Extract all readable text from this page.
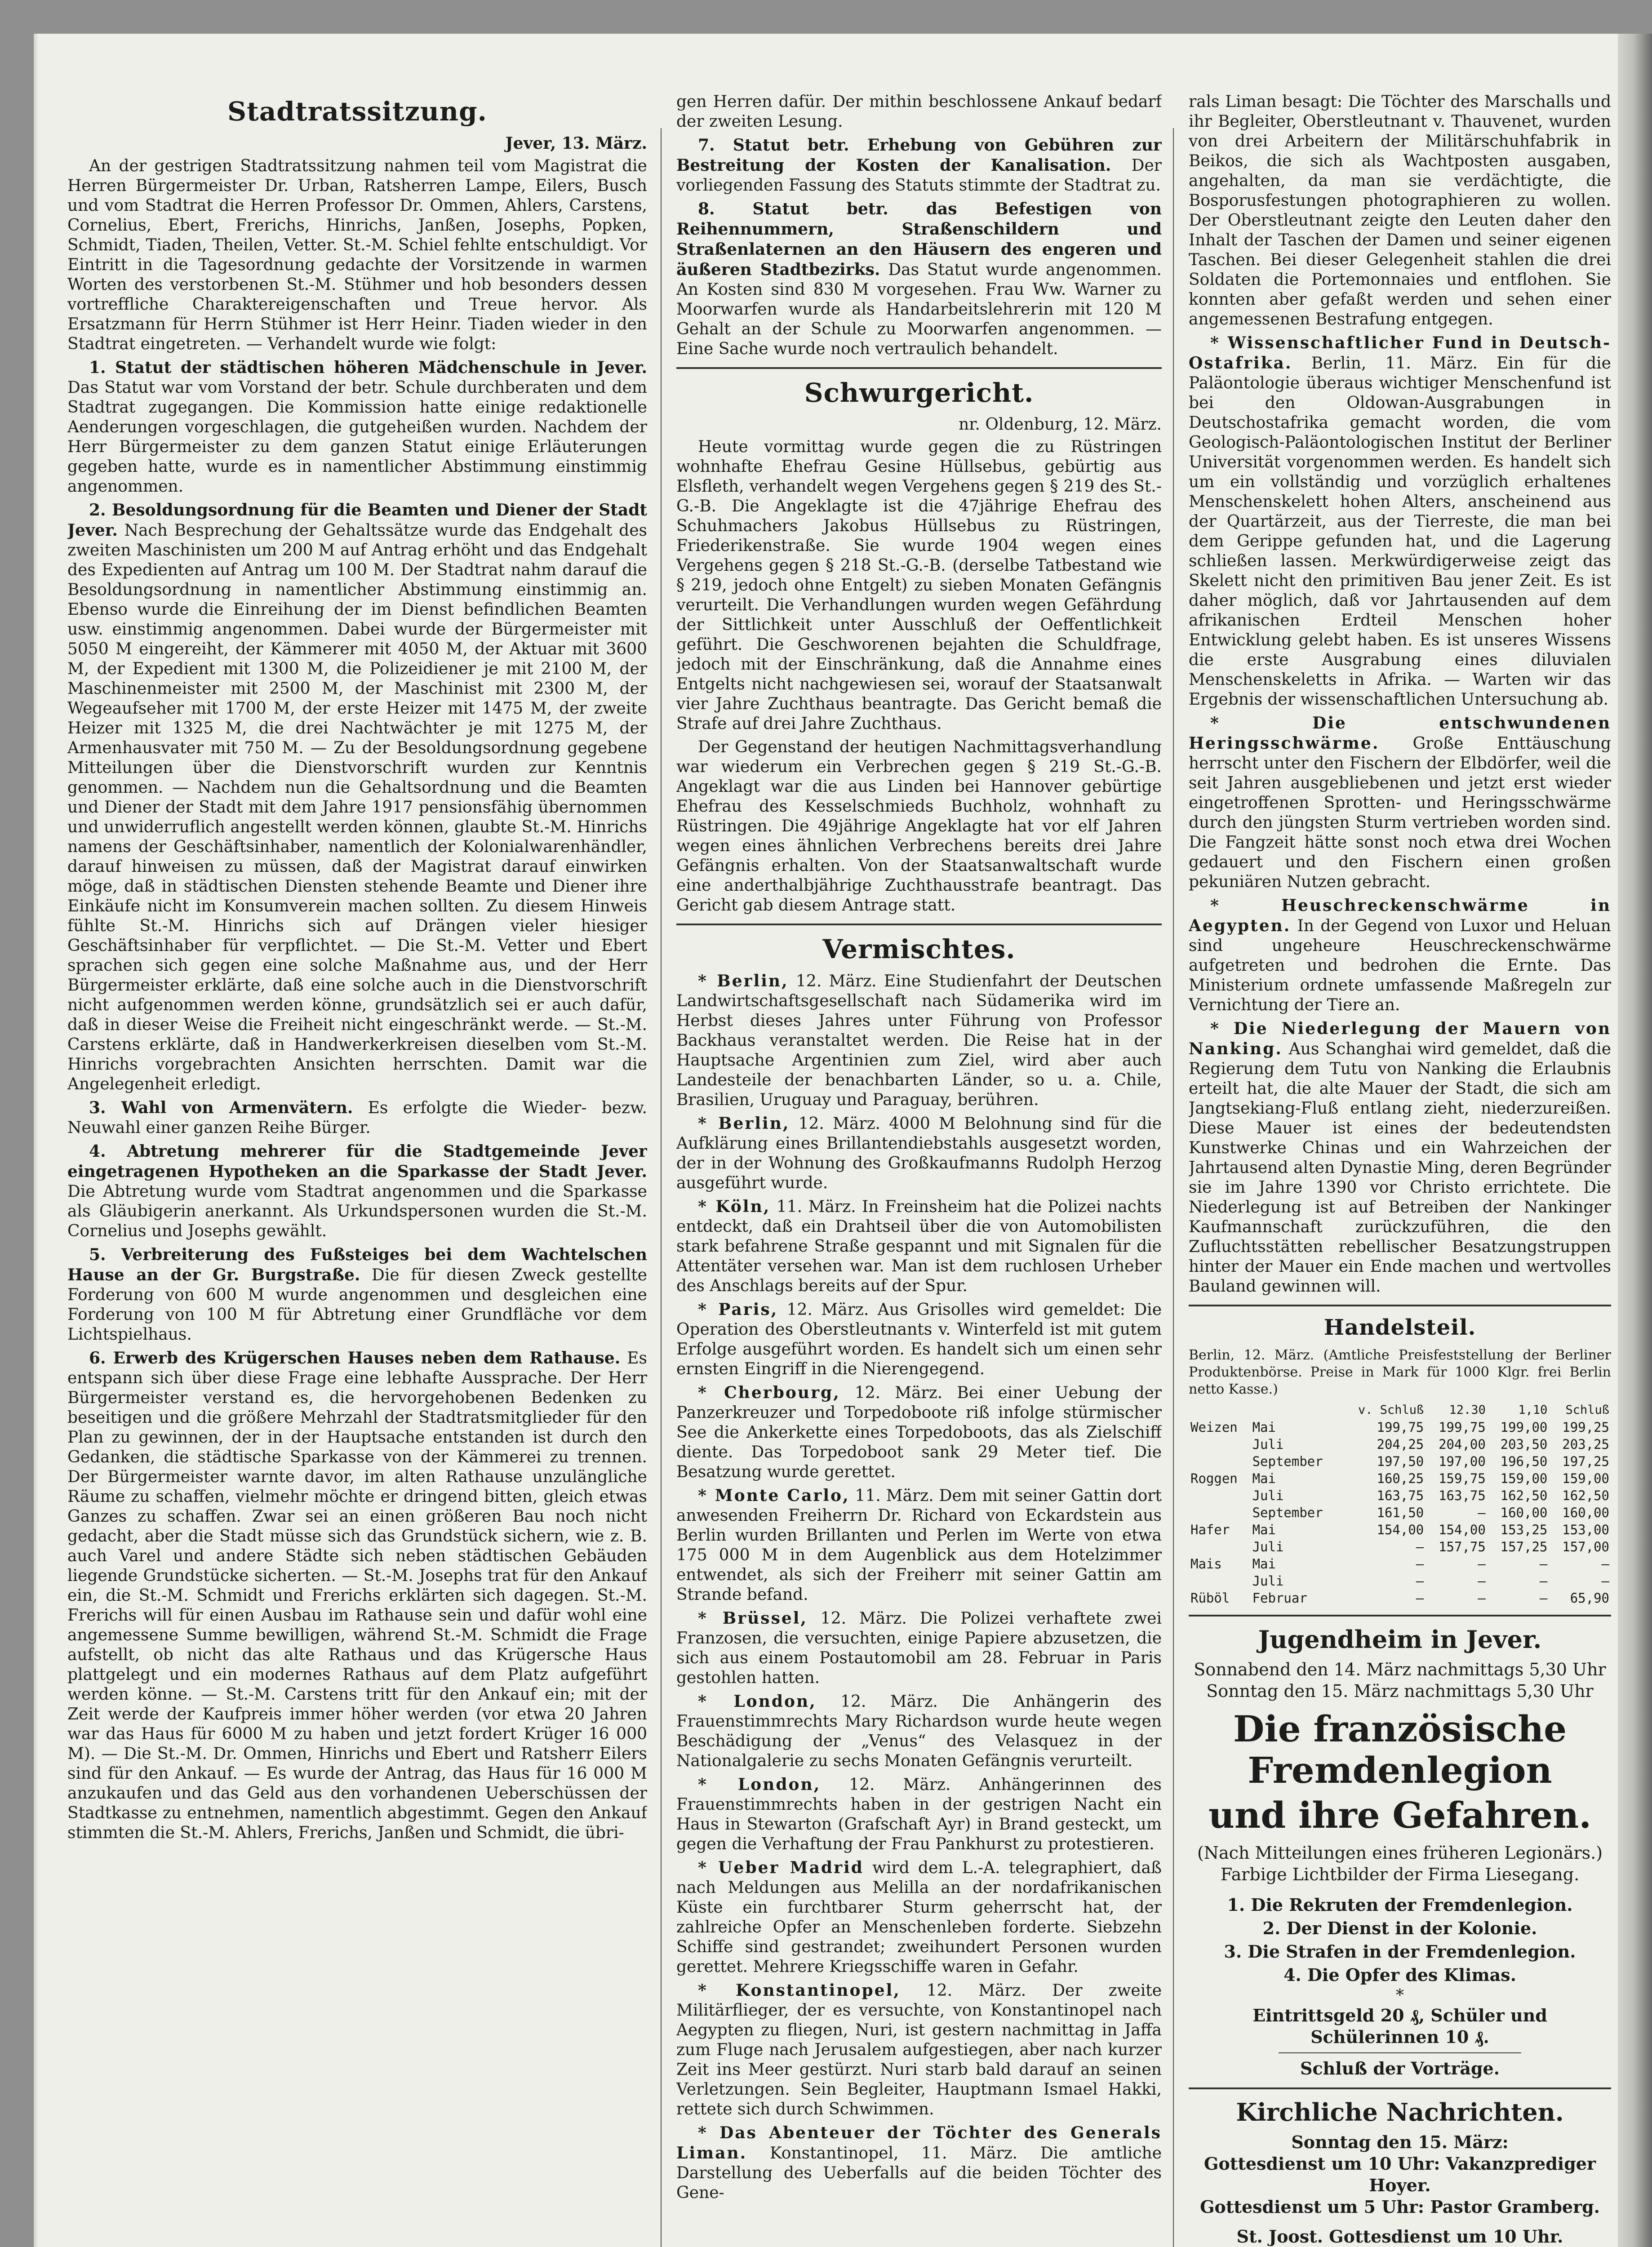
Stadtratssitzung.
Jever, 13. März.

An der gestrigen Stadtratssitzung nahmen teil vom Magistrat die Herren Bürgermeister Dr. Urban, Ratsherren Lampe, Eilers, Busch und vom Stadtrat die Herren Professor Dr. Ommen, Ahlers, Carstens, Cornelius, Ebert, Frerichs, Hinrichs, Janßen, Josephs, Popken, Schmidt, Tiaden, Theilen, Vetter. St.-M. Schiel fehlte entschuldigt. Vor Eintritt in die Tagesordnung gedachte der Vorsitzende in warmen Worten des verstorbenen St.-M. Stühmer und hob besonders dessen vortreffliche Charaktereigenschaften und Treue hervor. Als Ersatzmann für Herrn Stühmer ist Herr Heinr. Tiaden wieder in den Stadtrat eingetreten. — Verhandelt wurde wie folgt:

1. Statut der städtischen höheren Mädchenschule in Jever. Das Statut war vom Vorstand der betr. Schule durchberaten und dem Stadtrat zugegangen. Die Kommission hatte einige redaktionelle Aenderungen vorgeschlagen, die gutgeheißen wurden. Nachdem der Herr Bürgermeister zu dem ganzen Statut einige Erläuterungen gegeben hatte, wurde es in namentlicher Abstimmung einstimmig angenommen.

2. Besoldungsordnung für die Beamten und Diener der Stadt Jever. Nach Besprechung der Gehaltssätze wurde das Endgehalt des zweiten Maschinisten um 200 M auf Antrag erhöht und das Endgehalt des Expedienten auf Antrag um 100 M. Der Stadtrat nahm darauf die Besoldungsordnung in namentlicher Abstimmung einstimmig an. Ebenso wurde die Einreihung der im Dienst befindlichen Beamten usw. einstimmig angenommen. Dabei wurde der Bürgermeister mit 5050 M eingereiht, der Kämmerer mit 4050 M, der Aktuar mit 3600 M, der Expedient mit 1300 M, die Polizeidiener je mit 2100 M, der Maschinenmeister mit 2500 M, der Maschinist mit 2300 M, der Wegeaufseher mit 1700 M, der erste Heizer mit 1475 M, der zweite Heizer mit 1325 M, die drei Nachtwächter je mit 1275 M, der Armenhausvater mit 750 M. — Zu der Besoldungsordnung gegebene Mitteilungen über die Dienstvorschrift wurden zur Kenntnis genommen. — Nachdem nun die Gehaltsordnung und die Beamten und Diener der Stadt mit dem Jahre 1917 pensionsfähig übernommen und unwiderruflich angestellt werden können, glaubte St.-M. Hinrichs namens der Geschäftsinhaber, namentlich der Kolonialwarenhändler, darauf hinweisen zu müssen, daß der Magistrat darauf einwirken möge, daß in städtischen Diensten stehende Beamte und Diener ihre Einkäufe nicht im Konsumverein machen sollten. Zu diesem Hinweis fühlte St.-M. Hinrichs sich auf Drängen vieler hiesiger Geschäftsinhaber für verpflichtet. — Die St.-M. Vetter und Ebert sprachen sich gegen eine solche Maßnahme aus, und der Herr Bürgermeister erklärte, daß eine solche auch in die Dienstvorschrift nicht aufgenommen werden könne, grundsätzlich sei er auch dafür, daß in dieser Weise die Freiheit nicht eingeschränkt werde. — St.-M. Carstens erklärte, daß in Handwerkerkreisen dieselben vom St.-M. Hinrichs vorgebrachten Ansichten herrschten. Damit war die Angelegenheit erledigt.

3. Wahl von Armenvätern. Es erfolgte die Wieder- bezw. Neuwahl einer ganzen Reihe Bürger.

4. Abtretung mehrerer für die Stadtgemeinde Jever eingetragenen Hypotheken an die Sparkasse der Stadt Jever. Die Abtretung wurde vom Stadtrat angenommen und die Sparkasse als Gläubigerin anerkannt. Als Urkundspersonen wurden die St.-M. Cornelius und Josephs gewählt.

5. Verbreiterung des Fußsteiges bei dem Wachtelschen Hause an der Gr. Burgstraße. Die für diesen Zweck gestellte Forderung von 600 M wurde angenommen und desgleichen eine Forderung von 100 M für Abtretung einer Grundfläche vor dem Lichtspielhaus.

6. Erwerb des Krügerschen Hauses neben dem Rathause. Es entspann sich über diese Frage eine lebhafte Aussprache. Der Herr Bürgermeister verstand es, die hervorgehobenen Bedenken zu beseitigen und die größere Mehrzahl der Stadtratsmitglieder für den Plan zu gewinnen, der in der Hauptsache entstanden ist durch den Gedanken, die städtische Sparkasse von der Kämmerei zu trennen. Der Bürgermeister warnte davor, im alten Rathause unzulängliche Räume zu schaffen, vielmehr möchte er dringend bitten, gleich etwas Ganzes zu schaffen. Zwar sei an einen größeren Bau noch nicht gedacht, aber die Stadt müsse sich das Grundstück sichern, wie z. B. auch Varel und andere Städte sich neben städtischen Gebäuden liegende Grundstücke sicherten. — St.-M. Josephs trat für den Ankauf ein, die St.-M. Schmidt und Frerichs erklärten sich dagegen. St.-M. Frerichs will für einen Ausbau im Rathause sein und dafür wohl eine angemessene Summe bewilligen, während St.-M. Schmidt die Frage aufstellt, ob nicht das alte Rathaus und das Krügersche Haus plattgelegt und ein modernes Rathaus auf dem Platz aufgeführt werden könne. — St.-M. Carstens tritt für den Ankauf ein; mit der Zeit werde der Kaufpreis immer höher werden (vor etwa 20 Jahren war das Haus für 6000 M zu haben und jetzt fordert Krüger 16 000 M). — Die St.-M. Dr. Ommen, Hinrichs und Ebert und Ratsherr Eilers sind für den Ankauf. — Es wurde der Antrag, das Haus für 16 000 M anzukaufen und das Geld aus den vorhandenen Ueberschüssen der Stadtkasse zu entnehmen, namentlich abgestimmt. Gegen den Ankauf stimmten die St.-M. Ahlers, Frerichs, Janßen und Schmidt, die übri-

gen Herren dafür. Der mithin beschlossene Ankauf bedarf der zweiten Lesung.

7. Statut betr. Erhebung von Gebühren zur Bestreitung der Kosten der Kanalisation. Der vorliegenden Fassung des Statuts stimmte der Stadtrat zu.

8. Statut betr. das Befestigen von Reihennummern, Straßenschildern und Straßenlaternen an den Häusern des engeren und äußeren Stadtbezirks. Das Statut wurde angenommen. An Kosten sind 830 M vorgesehen. Frau Ww. Warner zu Moorwarfen wurde als Handarbeitslehrerin mit 120 M Gehalt an der Schule zu Moorwarfen angenommen. — Eine Sache wurde noch vertraulich behandelt.

Schwurgericht.
nr. Oldenburg, 12. März.

Heute vormittag wurde gegen die zu Rüstringen wohnhafte Ehefrau Gesine Hüllsebus, gebürtig aus Elsfleth, verhandelt wegen Vergehens gegen § 219 des St.-G.-B. Die Angeklagte ist die 47jährige Ehefrau des Schuhmachers Jakobus Hüllsebus zu Rüstringen, Friederikenstraße. Sie wurde 1904 wegen eines Vergehens gegen § 218 St.-G.-B. (derselbe Tatbestand wie § 219, jedoch ohne Entgelt) zu sieben Monaten Gefängnis verurteilt. Die Verhandlungen wurden wegen Gefährdung der Sittlichkeit unter Ausschluß der Oeffentlichkeit geführt. Die Geschworenen bejahten die Schuldfrage, jedoch mit der Einschränkung, daß die Annahme eines Entgelts nicht nachgewiesen sei, worauf der Staatsanwalt vier Jahre Zuchthaus beantragte. Das Gericht bemaß die Strafe auf drei Jahre Zuchthaus.

Der Gegenstand der heutigen Nachmittagsverhandlung war wiederum ein Verbrechen gegen § 219 St.-G.-B. Angeklagt war die aus Linden bei Hannover gebürtige Ehefrau des Kesselschmieds Buchholz, wohnhaft zu Rüstringen. Die 49jährige Angeklagte hat vor elf Jahren wegen eines ähnlichen Verbrechens bereits drei Jahre Gefängnis erhalten. Von der Staatsanwaltschaft wurde eine anderthalbjährige Zuchthausstrafe beantragt. Das Gericht gab diesem Antrage statt.

Vermischtes.

* Berlin, 12. März. Eine Studienfahrt der Deutschen Landwirtschaftsgesellschaft nach Südamerika wird im Herbst dieses Jahres unter Führung von Professor Backhaus veranstaltet werden. Die Reise hat in der Hauptsache Argentinien zum Ziel, wird aber auch Landesteile der benachbarten Länder, so u. a. Chile, Brasilien, Uruguay und Paraguay, berühren.

* Berlin, 12. März. 4000 M Belohnung sind für die Aufklärung eines Brillantendiebstahls ausgesetzt worden, der in der Wohnung des Großkaufmanns Rudolph Herzog ausgeführt wurde.

* Köln, 11. März. In Freinsheim hat die Polizei nachts entdeckt, daß ein Drahtseil über die von Automobilisten stark befahrene Straße gespannt und mit Signalen für die Attentäter versehen war. Man ist dem ruchlosen Urheber des Anschlags bereits auf der Spur.

* Paris, 12. März. Aus Grisolles wird gemeldet: Die Operation des Oberstleutnants v. Winterfeld ist mit gutem Erfolge ausgeführt worden. Es handelt sich um einen sehr ernsten Eingriff in die Nierengegend.

* Cherbourg, 12. März. Bei einer Uebung der Panzerkreuzer und Torpedoboote riß infolge stürmischer See die Ankerkette eines Torpedoboots, das als Zielschiff diente. Das Torpedoboot sank 29 Meter tief. Die Besatzung wurde gerettet.

* Monte Carlo, 11. März. Dem mit seiner Gattin dort anwesenden Freiherrn Dr. Richard von Eckardstein aus Berlin wurden Brillanten und Perlen im Werte von etwa 175 000 M in dem Augenblick aus dem Hotelzimmer entwendet, als sich der Freiherr mit seiner Gattin am Strande befand.

* Brüssel, 12. März. Die Polizei verhaftete zwei Franzosen, die versuchten, einige Papiere abzusetzen, die sich aus einem Postautomobil am 28. Februar in Paris gestohlen hatten.

* London, 12. März. Die Anhängerin des Frauenstimmrechts Mary Richardson wurde heute wegen Beschädigung der „Venus“ des Velasquez in der Nationalgalerie zu sechs Monaten Gefängnis verurteilt.

* London, 12. März. Anhängerinnen des Frauenstimmrechts haben in der gestrigen Nacht ein Haus in Stewarton (Grafschaft Ayr) in Brand gesteckt, um gegen die Verhaftung der Frau Pankhurst zu protestieren.

* Ueber Madrid wird dem L.-A. telegraphiert, daß nach Meldungen aus Melilla an der nordafrikanischen Küste ein furchtbarer Sturm geherrscht hat, der zahlreiche Opfer an Menschenleben forderte. Siebzehn Schiffe sind gestrandet; zweihundert Personen wurden gerettet. Mehrere Kriegsschiffe waren in Gefahr.

* Konstantinopel, 12. März. Der zweite Militärflieger, der es versuchte, von Konstantinopel nach Aegypten zu fliegen, Nuri, ist gestern nachmittag in Jaffa zum Fluge nach Jerusalem aufgestiegen, aber nach kurzer Zeit ins Meer gestürzt. Nuri starb bald darauf an seinen Verletzungen. Sein Begleiter, Hauptmann Ismael Hakki, rettete sich durch Schwimmen.

* Das Abenteuer der Töchter des Generals Liman. Konstantinopel, 11. März. Die amtliche Darstellung des Ueberfalls auf die beiden Töchter des Gene-

rals Liman besagt: Die Töchter des Marschalls und ihr Begleiter, Oberstleutnant v. Thauvenet, wurden von drei Arbeitern der Militärschuhfabrik in Beikos, die sich als Wachtposten ausgaben, angehalten, da man sie verdächtigte, die Bosporusfestungen photographieren zu wollen. Der Oberstleutnant zeigte den Leuten daher den Inhalt der Taschen der Damen und seiner eigenen Taschen. Bei dieser Gelegenheit stahlen die drei Soldaten die Portemonnaies und entflohen. Sie konnten aber gefaßt werden und sehen einer angemessenen Bestrafung entgegen.

* Wissenschaftlicher Fund in Deutsch-Ostafrika. Berlin, 11. März. Ein für die Paläontologie überaus wichtiger Menschenfund ist bei den Oldowan-Ausgrabungen in Deutschostafrika gemacht worden, die vom Geologisch-Paläontologischen Institut der Berliner Universität vorgenommen werden. Es handelt sich um ein vollständig und vorzüglich erhaltenes Menschenskelett hohen Alters, anscheinend aus der Quartärzeit, aus der Tierreste, die man bei dem Gerippe gefunden hat, und die Lagerung schließen lassen. Merkwürdigerweise zeigt das Skelett nicht den primitiven Bau jener Zeit. Es ist daher möglich, daß vor Jahrtausenden auf dem afrikanischen Erdteil Menschen hoher Entwicklung gelebt haben. Es ist unseres Wissens die erste Ausgrabung eines diluvialen Menschenskeletts in Afrika. — Warten wir das Ergebnis der wissenschaftlichen Untersuchung ab.

* Die entschwundenen Heringsschwärme. Große Enttäuschung herrscht unter den Fischern der Elbdörfer, weil die seit Jahren ausgebliebenen und jetzt erst wieder eingetroffenen Sprotten- und Heringsschwärme durch den jüngsten Sturm vertrieben worden sind. Die Fangzeit hätte sonst noch etwa drei Wochen gedauert und den Fischern einen großen pekuniären Nutzen gebracht.

* Heuschreckenschwärme in Aegypten. In der Gegend von Luxor und Heluan sind ungeheure Heuschreckenschwärme aufgetreten und bedrohen die Ernte. Das Ministerium ordnete umfassende Maßregeln zur Vernichtung der Tiere an.

* Die Niederlegung der Mauern von Nanking. Aus Schanghai wird gemeldet, daß die Regierung dem Tutu von Nanking die Erlaubnis erteilt hat, die alte Mauer der Stadt, die sich am Jangtsekiang-Fluß entlang zieht, niederzureißen. Diese Mauer ist eines der bedeutendsten Kunstwerke Chinas und ein Wahrzeichen der Jahrtausend alten Dynastie Ming, deren Begründer sie im Jahre 1390 vor Christo errichtete. Die Niederlegung ist auf Betreiben der Nankinger Kaufmannschaft zurückzuführen, die den Zufluchtsstätten rebellischer Besatzungstruppen hinter der Mauer ein Ende machen und wertvolles Bauland gewinnen will.

Handelsteil.
Berlin, 12. März. (Amtliche Preisfeststellung der Berliner Produktenbörse. Preise in Mark für 1000 Klgr. frei Berlin netto Kasse.)
		v. Schluß	12.30	1,10	Schluß
Weizen	Mai	199,75	199,75	199,00	199,25
	Juli	204,25	204,00	203,50	203,25
	September	197,50	197,00	196,50	197,25
Roggen	Mai	160,25	159,75	159,00	159,00
	Juli	163,75	163,75	162,50	162,50
	September	161,50	—	160,00	160,00
Hafer	Mai	154,00	154,00	153,25	153,00
	Juli	—	157,75	157,25	157,00
Mais	Mai	—	—	—	—
	Juli	—	—	—	—
Rüböl	Februar	—	—	—	65,90
Jugendheim in Jever.
Sonnabend den 14. März nachmittags 5,30 Uhr
Sonntag den 15. März nachmittags 5,30 Uhr
Die französische Fremdenlegion
und ihre Gefahren.
(Nach Mitteilungen eines früheren Legionärs.)
Farbige Lichtbilder der Firma Liesegang.
1. Die Rekruten der Fremdenlegion.
2. Der Dienst in der Kolonie.
3. Die Strafen in der Fremdenlegion.
4. Die Opfer des Klimas.
*
Eintrittsgeld 20 ₰, Schüler und Schülerinnen 10 ₰.
Schluß der Vorträge.
Kirchliche Nachrichten.
Sonntag den 15. März:
Gottesdienst um 10 Uhr: Vakanzprediger Hoyer.
Gottesdienst um 5 Uhr: Pastor Gramberg.
St. Joost. Gottesdienst um 10 Uhr.
